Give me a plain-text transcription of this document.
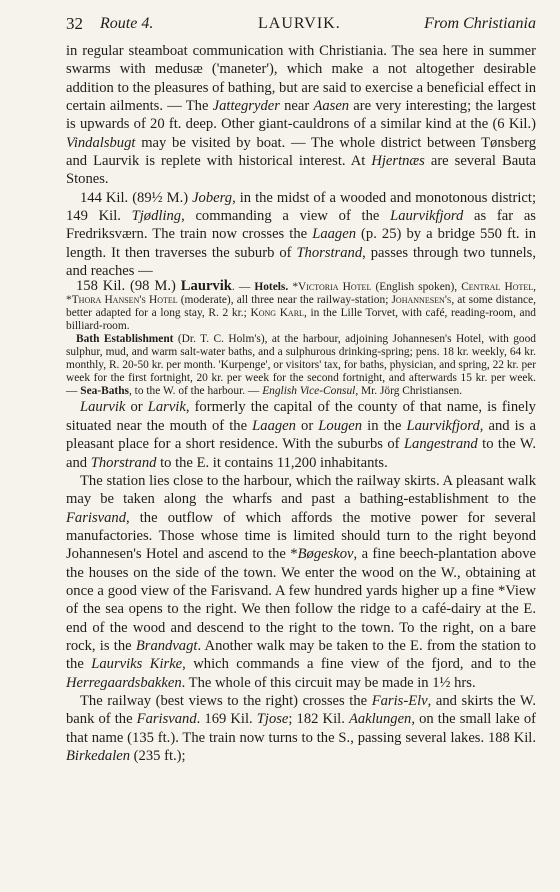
32 Route 4.	LAURVIK.	From Christiania

in regular steamboat communication with Christiania. The sea here in summer swarms with medusæ ('maneter'), which make a not altogether desirable addition to the pleasures of bathing, but are said to exercise a beneficial effect in certain ailments. — The Jattegryder near Aasen are very interesting; the largest is upwards of 20 ft. deep. Other giant-cauldrons of a similar kind at the (6 Kil.) Vindalsbugt may be visited by boat. — The whole district between Tønsberg and Laurvik is replete with historical interest. At Hjertnæs are several Bauta Stones.

144 Kil. (89½ M.) Joberg, in the midst of a wooded and monotonous district; 149 Kil. Tjødling, commanding a view of the Laurvikfjord as far as Fredriksværn. The train now crosses the Laagen (p. 25) by a bridge 550 ft. in length. It then traverses the suburb of Thorstrand, passes through two tunnels, and reaches —

158 Kil. (98 M.) Laurvik. — Hotels. *Victoria Hotel (English spoken), Central Hotel, *Thora Hansen's Hotel (moderate), all three near the railway-station; Johannesen's, at some distance, better adapted for a long stay, R. 2 kr.; Kong Karl, in the Lille Torvet, with café, reading-room, and billiard-room.

Bath Establishment (Dr. T. C. Holm's), at the harbour, adjoining Johannesen's Hotel, with good sulphur, mud, and warm salt-water baths, and a sulphurous drinking-spring; pens. 18 kr. weekly, 64 kr. monthly, R. 20-50 kr. per month. 'Kurpenge', or visitors' tax, for baths, physician, and spring, 22 kr. per week for the first fortnight, 20 kr. per week for the second fortnight, and afterwards 15 kr. per week. — Sea-Baths, to the W. of the harbour. — English Vice-Consul, Mr. Jörg Christiansen.

Laurvik or Larvik, formerly the capital of the county of that name, is finely situated near the mouth of the Laagen or Lougen in the Laurvikfjord, and is a pleasant place for a short residence. With the suburbs of Langestrand to the W. and Thorstrand to the E. it contains 11,200 inhabitants.

The station lies close to the harbour, which the railway skirts. A pleasant walk may be taken along the wharfs and past a bathing-establishment to the Farisvand, the outflow of which affords the motive power for several manufactories. Those whose time is limited should turn to the right beyond Johannesen's Hotel and ascend to the *Bøgeskov, a fine beech-plantation above the houses on the side of the town. We enter the wood on the W., obtaining at once a good view of the Farisvand. A few hundred yards higher up a fine *View of the sea opens to the right. We then follow the ridge to a café-dairy at the E. end of the wood and descend to the right to the town. To the right, on a bare rock, is the Brandvagt. Another walk may be taken to the E. from the station to the Laurviks Kirke, which commands a fine view of the fjord, and to the Herregaardsbakken. The whole of this circuit may be made in 1½ hrs.

The railway (best views to the right) crosses the Faris-Elv, and skirts the W. bank of the Farisvand. 169 Kil. Tjose; 182 Kil. Aaklungen, on the small lake of that name (135 ft.). The train now turns to the S., passing several lakes. 188 Kil. Birkedalen (235 ft.);
